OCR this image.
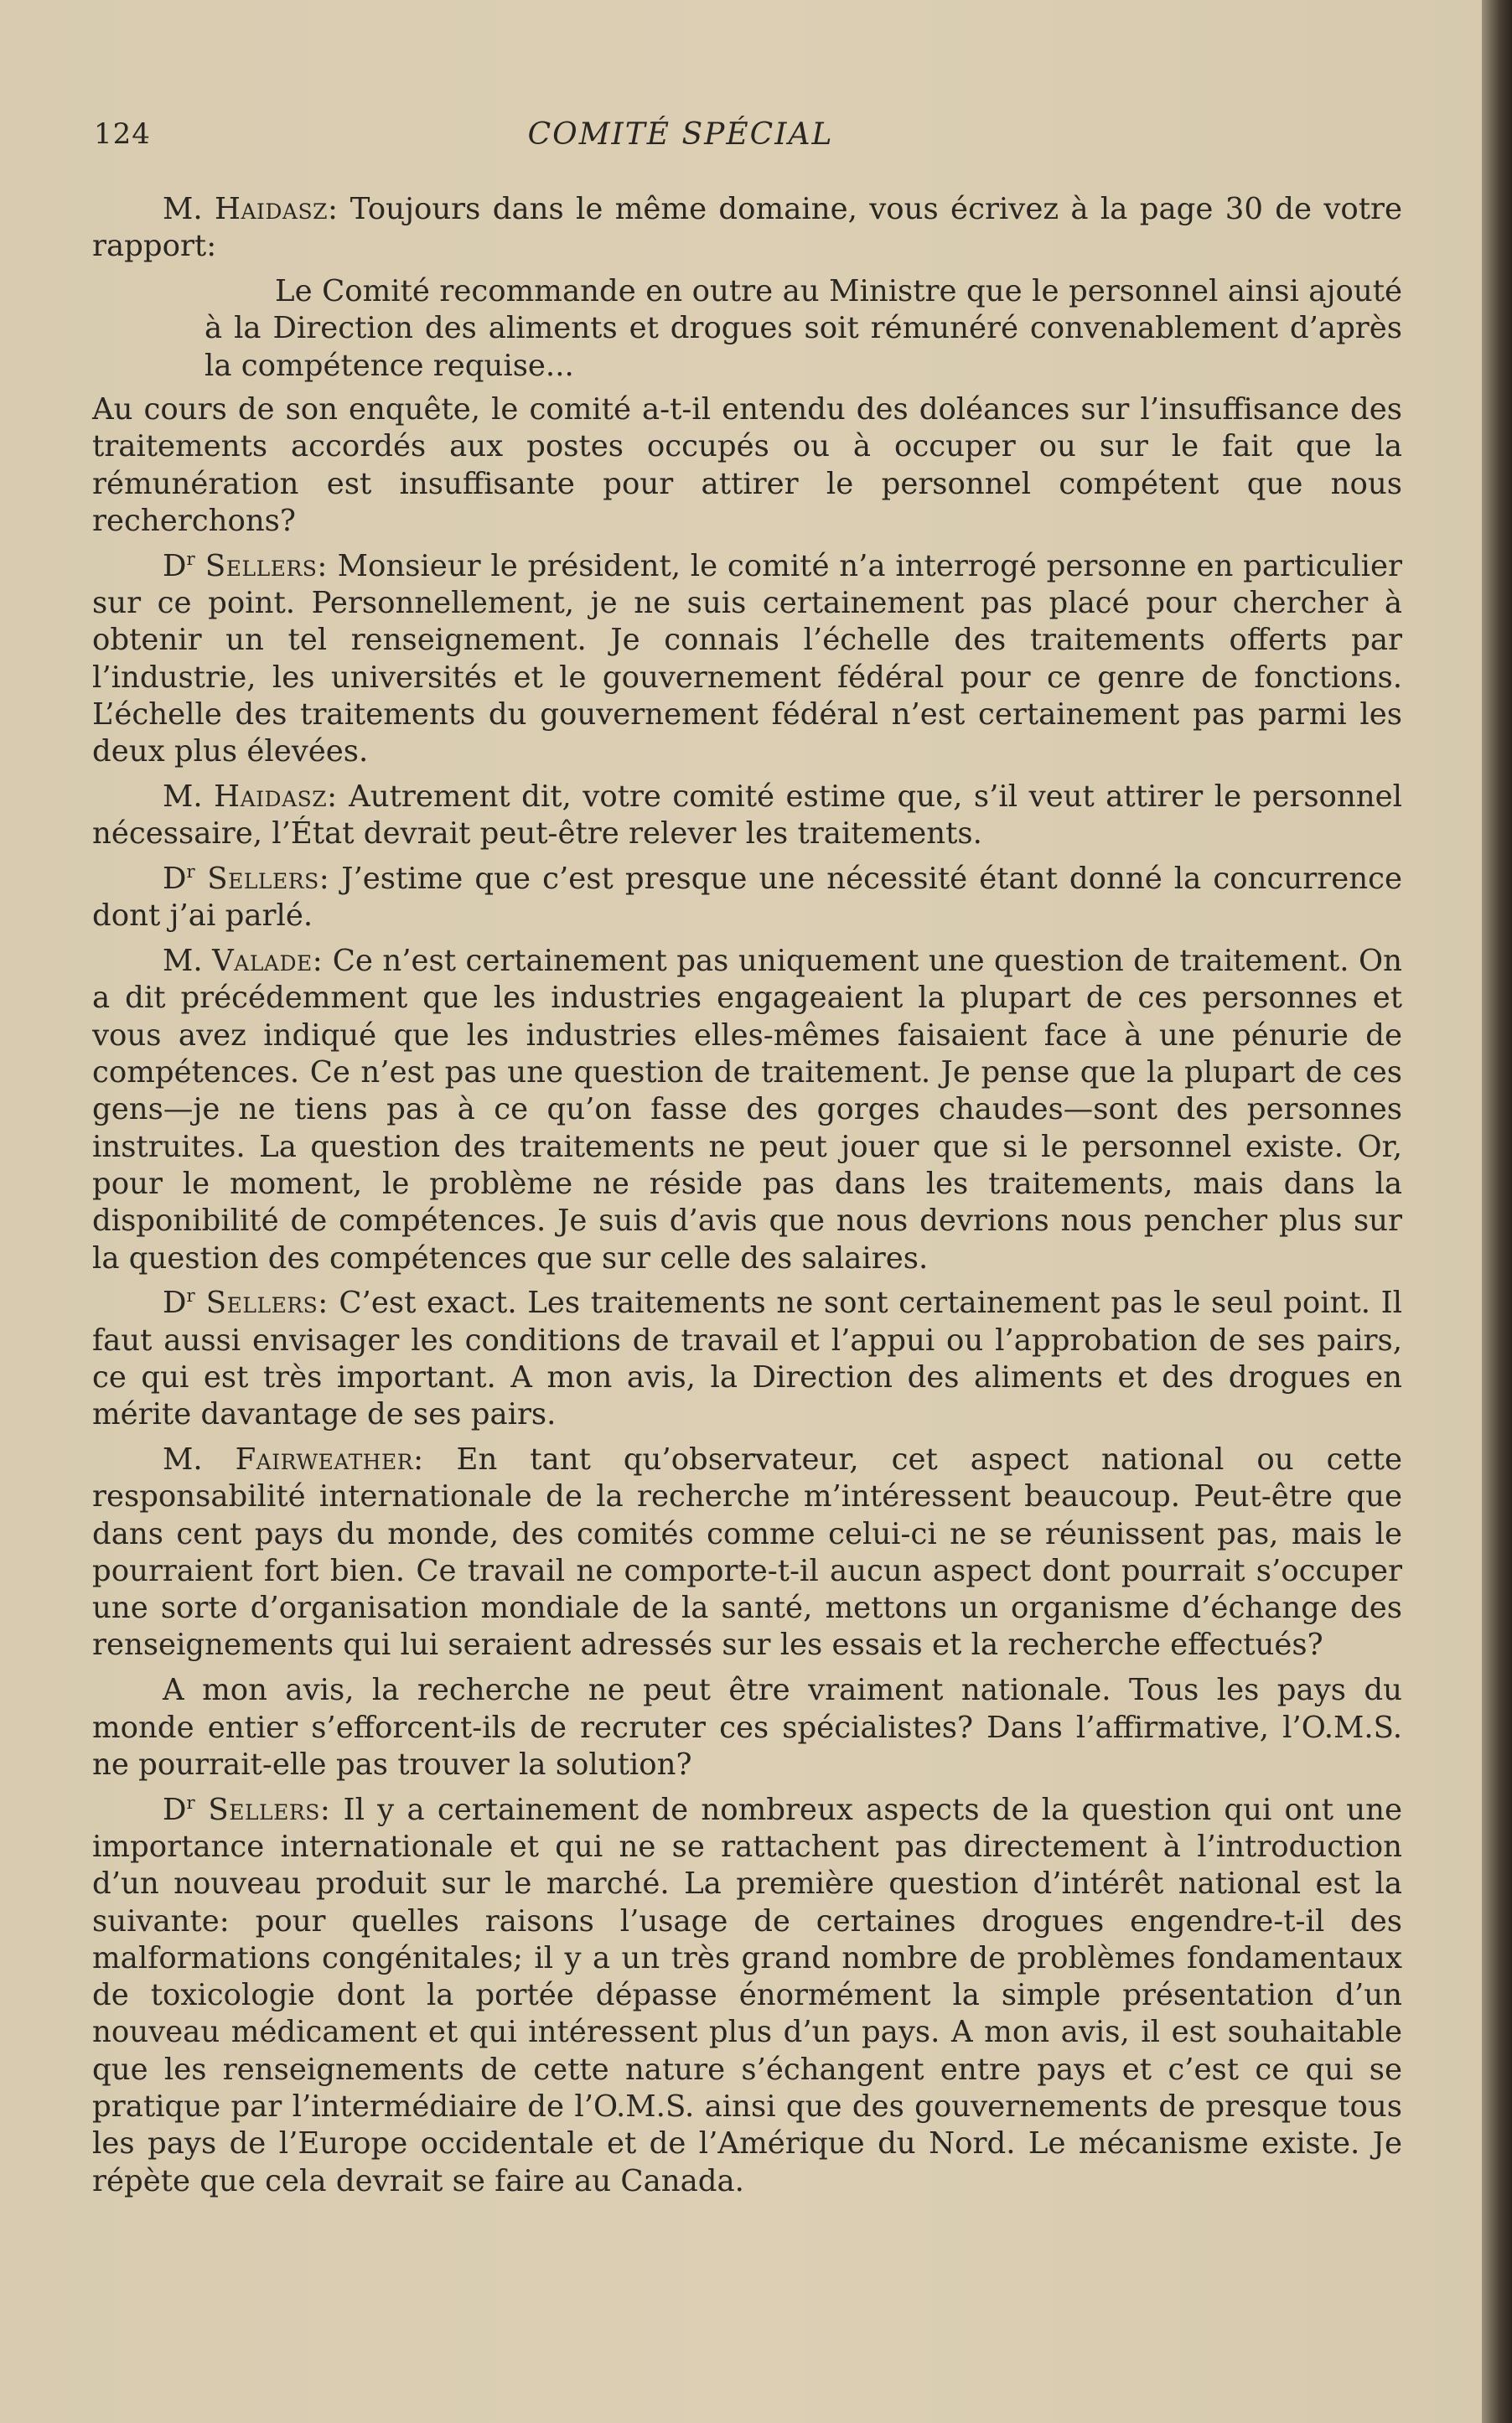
124	COMITÉ SPÉCIAL

M. Haidasz: Toujours dans le même domaine, vous écrivez à la page 30 de votre rapport:

Le Comité recommande en outre au Ministre que le personnel ainsi ajouté à la Direction des aliments et drogues soit rémunéré convenablement d’après la compétence requise...

Au cours de son enquête, le comité a-t-il entendu des doléances sur l’insuffisance des traitements accordés aux postes occupés ou à occuper ou sur le fait que la rémunération est insuffisante pour attirer le personnel compétent que nous recherchons?

$D^r$ Sellers: Monsieur le président, le comité n’a interrogé personne en particulier sur ce point. Personnellement, je ne suis certainement pas placé pour chercher à obtenir un tel renseignement. Je connais l’échelle des traitements offerts par l’industrie, les universités et le gouvernement fédéral pour ce genre de fonctions. L’échelle des traitements du gouvernement fédéral n’est certainement pas parmi les deux plus élevées.

M. Haidasz: Autrement dit, votre comité estime que, s’il veut attirer le personnel nécessaire, l’État devrait peut-être relever les traitements.

$D^r$ Sellers: J’estime que c’est presque une nécessité étant donné la concurrence dont j’ai parlé.

M. Valade: Ce n’est certainement pas uniquement une question de traitement. On a dit précédemment que les industries engageaient la plupart de ces personnes et vous avez indiqué que les industries elles-mêmes faisaient face à une pénurie de compétences. Ce n’est pas une question de traitement. Je pense que la plupart de ces gens—je ne tiens pas à ce qu’on fasse des gorges chaudes—sont des personnes instruites. La question des traitements ne peut jouer que si le personnel existe. Or, pour le moment, le problème ne réside pas dans les traitements, mais dans la disponibilité de compétences. Je suis d’avis que nous devrions nous pencher plus sur la question des compétences que sur celle des salaires.

$D^r$ Sellers: C’est exact. Les traitements ne sont certainement pas le seul point. Il faut aussi envisager les conditions de travail et l’appui ou l’approbation de ses pairs, ce qui est très important. A mon avis, la Direction des aliments et des drogues en mérite davantage de ses pairs.

M. Fairweather: En tant qu’observateur, cet aspect national ou cette responsabilité internationale de la recherche m’intéressent beaucoup. Peut-être que dans cent pays du monde, des comités comme celui-ci ne se réunissent pas, mais le pourraient fort bien. Ce travail ne comporte-t-il aucun aspect dont pourrait s’occuper une sorte d’organisation mondiale de la santé, mettons un organisme d’échange des renseignements qui lui seraient adressés sur les essais et la recherche effectués?

A mon avis, la recherche ne peut être vraiment nationale. Tous les pays du monde entier s’efforcent-ils de recruter ces spécialistes? Dans l’affirmative, l’O.M.S. ne pourrait-elle pas trouver la solution?

$D^r$ Sellers: Il y a certainement de nombreux aspects de la question qui ont une importance internationale et qui ne se rattachent pas directement à l’introduction d’un nouveau produit sur le marché. La première question d’intérêt national est la suivante: pour quelles raisons l’usage de certaines drogues engendre-t-il des malformations congénitales; il y a un très grand nombre de problèmes fondamentaux de toxicologie dont la portée dépasse énormément la simple présentation d’un nouveau médicament et qui intéressent plus d’un pays. A mon avis, il est souhaitable que les renseignements de cette nature s’échangent entre pays et c’est ce qui se pratique par l’intermédiaire de l’O.M.S. ainsi que des gouvernements de presque tous les pays de l’Europe occidentale et de l’Amérique du Nord. Le mécanisme existe. Je répète que cela devrait se faire au Canada.
